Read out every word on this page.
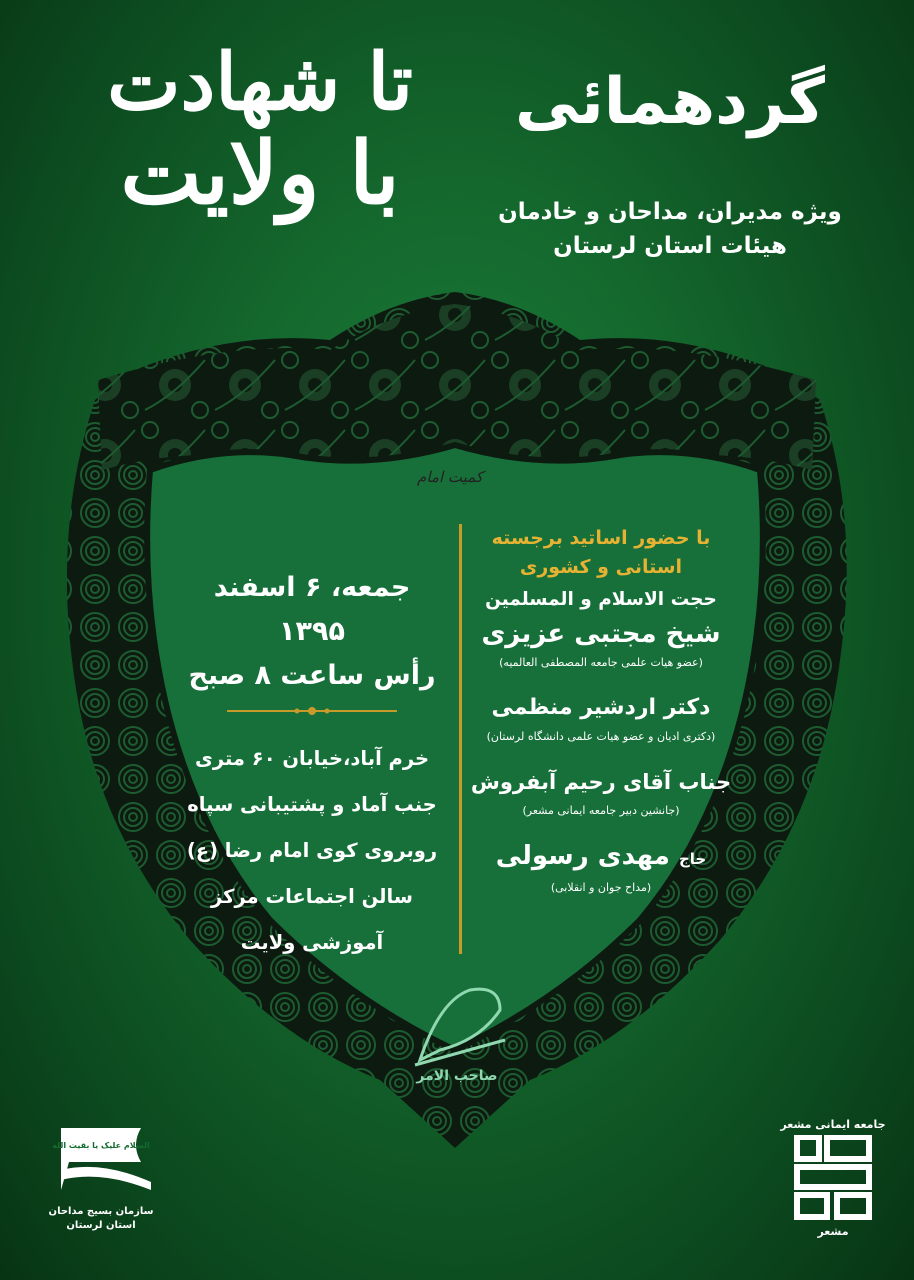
تا شهادت
با ولایت
گردهمائی
ویژه مدیران، مداحان و خادمان
هیئات استان لرستان
کمیت امام
جمعه، ۶ اسفند ۱۳۹۵
رأس ساعت ۸ صبح
خرم آباد،خیابان ۶۰ متری
جنب آماد و پشتیبانی سپاه
روبروی کوی امام رضا (ع)
سالن اجتماعات مرکز
آموزشی ولایت
با حضور اساتید برجسته
استانی و کشوری
حجت الاسلام و المسلمین
شیخ مجتبی عزیزی
(عضو هیات علمی جامعه المصطفی العالمیه)
دکتر اردشیر منظمی
(دکتری ادیان و عضو هیات علمی دانشگاه لرستان)
جناب آقای رحیم آبفروش
(جانشین دبیر جامعه ایمانی مشعر)
حاج مهدی رسولی
(مداح جوان و انقلابی)
صاحب الامر
السلام علیک یا بقیت الله
سازمان بسیج مداحان
استان لرستان
جامعه ایمانی مشعر
مشعر
